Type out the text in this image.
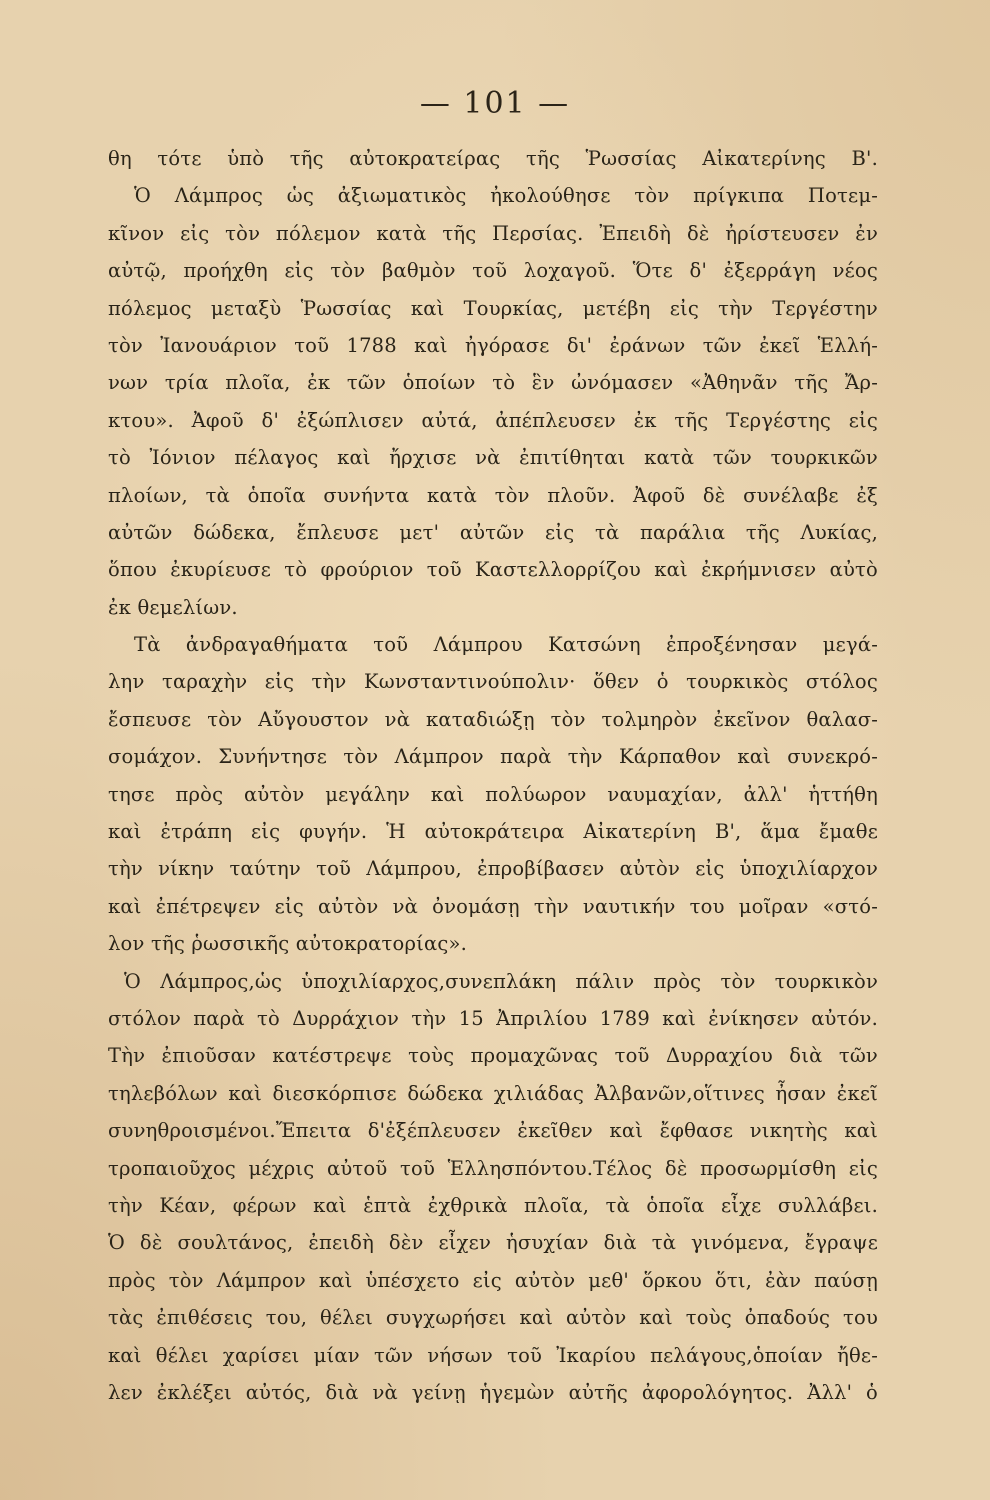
— 101 —
θη τότε ὑπὸ τῆς αὐτοκρατείρας τῆς Ῥωσσίας Αἰκατερίνης Β'.
Ὁ Λάμπρος ὡς ἀξιωματικὸς ἠκολούθησε τὸν πρίγκιπα Ποτεμ-
κῖνον εἰς τὸν πόλεμον κατὰ τῆς Περσίας. Ἐπειδὴ δὲ ἠρίστευσεν ἐν
αὐτῷ, προήχθη εἰς τὸν βαθμὸν τοῦ λοχαγοῦ. Ὅτε δ' ἐξερράγη νέος
πόλεμος μεταξὺ Ῥωσσίας καὶ Τουρκίας, μετέβη εἰς τὴν Τεργέστην
τὸν Ἰανουάριον τοῦ 1788 καὶ ἠγόρασε δι' ἐράνων τῶν ἐκεῖ Ἑλλή-
νων τρία πλοῖα, ἐκ τῶν ὁποίων τὸ ἓν ὠνόμασεν «Ἀθηνᾶν τῆς Ἄρ-
κτου». Ἀφοῦ δ' ἐξώπλισεν αὐτά, ἀπέπλευσεν ἐκ τῆς Τεργέστης εἰς
τὸ Ἰόνιον πέλαγος καὶ ἤρχισε νὰ ἐπιτίθηται κατὰ τῶν τουρκικῶν
πλοίων, τὰ ὁποῖα συνήντα κατὰ τὸν πλοῦν. Ἀφοῦ δὲ συνέλαβε ἐξ
αὐτῶν δώδεκα, ἔπλευσε μετ' αὐτῶν εἰς τὰ παράλια τῆς Λυκίας,
ὅπου ἐκυρίευσε τὸ φρούριον τοῦ Καστελλορρίζου καὶ ἐκρήμνισεν αὐτὸ
ἐκ θεμελίων.
Τὰ ἀνδραγαθήματα τοῦ Λάμπρου Κατσώνη ἐπροξένησαν μεγά-
λην ταραχὴν εἰς τὴν Κωνσταντινούπολιν· ὅθεν ὁ τουρκικὸς στόλος
ἔσπευσε τὸν Αὔγουστον νὰ καταδιώξῃ τὸν τολμηρὸν ἐκεῖνον θαλασ-
σομάχον. Συνήντησε τὸν Λάμπρον παρὰ τὴν Κάρπαθον καὶ συνεκρό-
τησε πρὸς αὐτὸν μεγάλην καὶ πολύωρον ναυμαχίαν, ἀλλ' ἡττήθη
καὶ ἐτράπη εἰς φυγήν. Ἡ αὐτοκράτειρα Αἰκατερίνη Β', ἅμα ἔμαθε
τὴν νίκην ταύτην τοῦ Λάμπρου, ἐπροβίβασεν αὐτὸν εἰς ὑποχιλίαρχον
καὶ ἐπέτρεψεν εἰς αὐτὸν νὰ ὀνομάσῃ τὴν ναυτικήν του μοῖραν «στό-
λον τῆς ῥωσσικῆς αὐτοκρατορίας».
Ὁ Λάμπρος,ὡς ὑποχιλίαρχος,συνεπλάκη πάλιν πρὸς τὸν τουρκικὸν
στόλον παρὰ τὸ Δυρράχιον τὴν 15 Ἀπριλίου 1789 καὶ ἐνίκησεν αὐτόν.
Τὴν ἐπιοῦσαν κατέστρεψε τοὺς προμαχῶνας τοῦ Δυρραχίου διὰ τῶν
τηλεβόλων καὶ διεσκόρπισε δώδεκα χιλιάδας Ἀλβανῶν,οἵτινες ἦσαν ἐκεῖ
συνηθροισμένοι.Ἔπειτα δ'ἐξέπλευσεν ἐκεῖθεν καὶ ἔφθασε νικητὴς καὶ
τροπαιοῦχος μέχρις αὐτοῦ τοῦ Ἑλλησπόντου.Τέλος δὲ προσωρμίσθη εἰς
τὴν Κέαν, φέρων καὶ ἑπτὰ ἐχθρικὰ πλοῖα, τὰ ὁποῖα εἶχε συλλάβει.
Ὁ δὲ σουλτάνος, ἐπειδὴ δὲν εἶχεν ἡσυχίαν διὰ τὰ γινόμενα, ἔγραψε
πρὸς τὸν Λάμπρον καὶ ὑπέσχετο εἰς αὐτὸν μεθ' ὅρκου ὅτι, ἐὰν παύσῃ
τὰς ἐπιθέσεις του, θέλει συγχωρήσει καὶ αὐτὸν καὶ τοὺς ὀπαδούς του
καὶ θέλει χαρίσει μίαν τῶν νήσων τοῦ Ἰκαρίου πελάγους,ὁποίαν ἤθε-
λεν ἐκλέξει αὐτός, διὰ νὰ γείνῃ ἡγεμὼν αὐτῆς ἀφορολόγητος. Ἀλλ' ὁ
